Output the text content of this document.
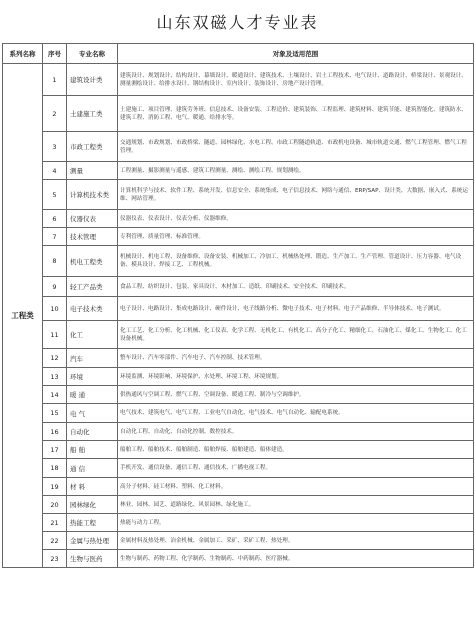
山东双磁人才专业表
系列名称	序号	专业名称	对象及适用范围
工程类	1	建筑设计类	建筑设计、规划设计、结构设计、幕墙设计、暖通设计、建筑技术、土壤设计、岩土工程技术、电气设计、道路设计、桥梁设计、景观设计、测量测绘设计、给排水设计、钢结构设计、室内设计、装饰设计、房地产设计管理。
	2	土建施工类	土建施工、项目管理、建筑劳务班、信息技术、设备安装、工程造价、建筑装饰、工程监理、建筑材料、建筑节能、建筑智能化、建筑防水、建筑工程、消防工程、电气、暖通、给排水等。
	3	市政工程类	交通规划、市政规划、市政桥梁、隧道、园林绿化、水电工程、市政工程隧道轨道、市政机电设备、城市轨道交通、燃气工程管理、燃气工程管理。
	4	测量	工程测量、摄影测量与遥感、建筑工程测量、测绘、测绘工程、规划测绘。
	5	计算机技术类	计算机科学与技术、软件工程、系统开发、信息安全、系统集成、电子信息技术、网络与通信、ERP/SAP、设计类、大数据、嵌入式、系统运维、网站管理。
	6	仪器仪表	仪器仪表、仪表设计、仪表分析、仪器维修。
	7	技术管理	专利管理、质量管理、标准管理。
	8	机电工程类	机械设计、机电工程、设备维修、设备安装、机械加工、冷加工、机械热处理、锻造、生产加工、生产管理、管道设计、压力容器、电气设备、模具设计、焊接工艺、工程机械。
	9	轻工产品类	食品工程、纺织设计、包装、家具设计、木材加工、造纸、印刷技术、安全技术、印刷技术。
	10	电子技术类	电子设计、电路设计、集成电路设计、硬件设计、电子线路分析、微电子技术、电子材料、电子产品维修、半导体技术、电子测试。
	11	化工	化工工艺、化工分析、化工机械、化工仪表、化学工程、无机化工、有机化工、高分子化工、精细化工、石油化工、煤化工、生物化工、化工设备机械。
	12	汽车	整车设计、汽车零部件、汽车电子、汽车控制、技术管理。
	13	环境	环境监测、环境影响、环境保护、水处理、环境工程、环境规划。
	14	暖 通	供热通风与空调工程、燃气工程、空调设备、暖通工程、制冷与空调维护。
	15	电 气	电气技术、建筑电气、电气工程、工业电气自动化、电气技术、电气自动化、输配电系统。
	16	自动化	自动化工程、自动化、自动化控制、数控技术。
	17	船 舶	船舶工程、船舶技术、船舶制造、船舶焊接、船舶建造、船体建造。
	18	通 信	手机开发、通信设备、通信工程、通信技术、广播电视工程。
	19	材 料	高分子材料、硅工材料、塑料、化工材料。
	20	园林绿化	林业、园林、园艺、道路绿化、风景园林、绿化施工。
	21	热能工程	热能与动力工程。
	22	金属与热处理	金属材料及热处理、冶金机械、金属加工、采矿、采矿工程、热处理。
	23	生物与医药	生物与制药、药物工程、化学制药、生物制药、中药制药、医疗器械。
